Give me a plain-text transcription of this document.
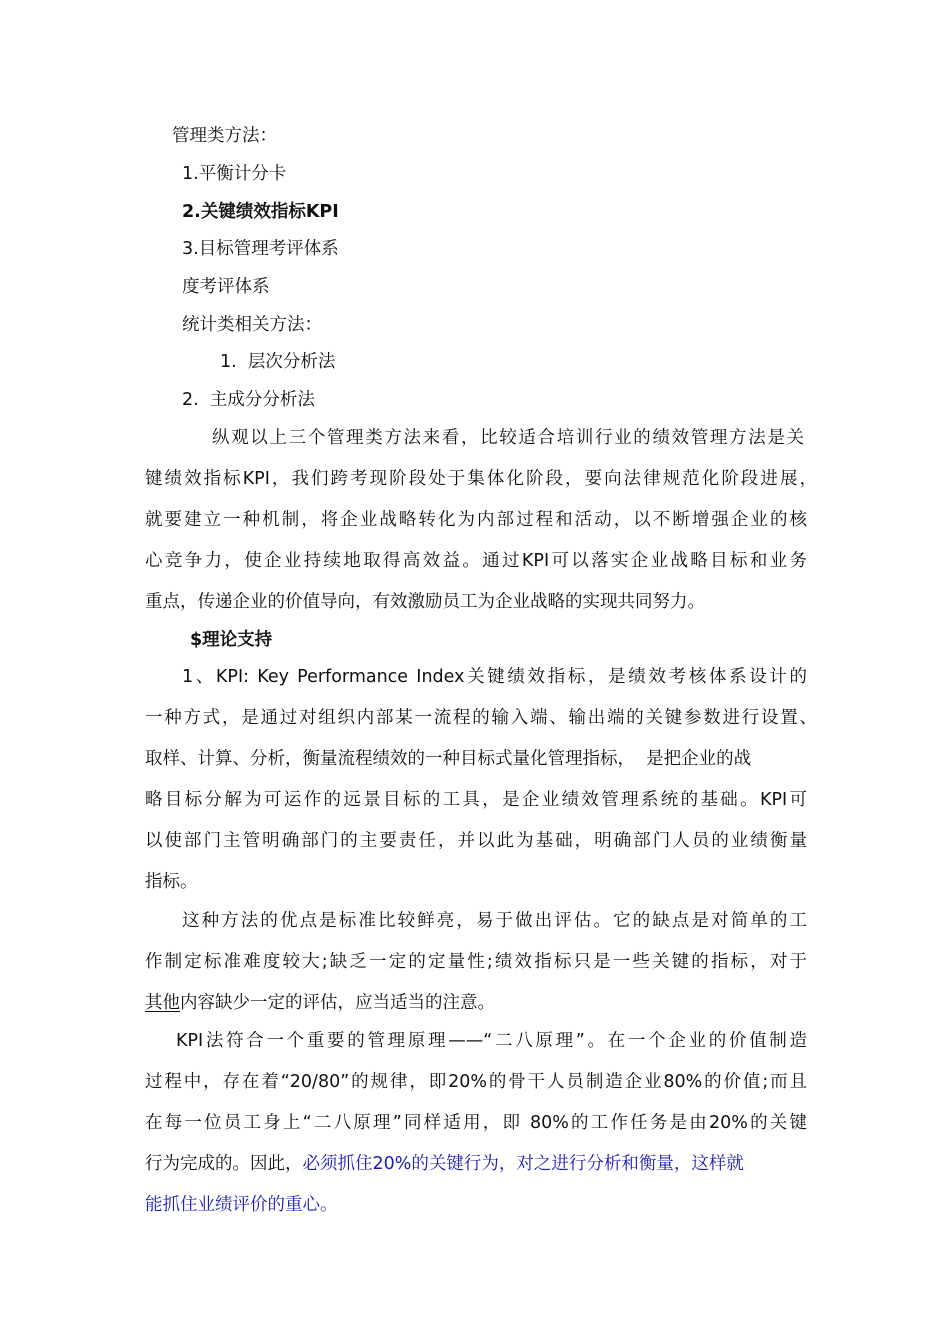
管理类方法：
1.平衡计分卡
2.关键绩效指标KPI
3.目标管理考评体系
度考评体系
统计类相关方法：
1.  层次分析法
2.  主成分分析法
纵观以上三个管理类方法来看，比较适合培训行业的绩效管理方法是关
键绩效指标KPI，我们跨考现阶段处于集体化阶段，要向法律规范化阶段进展，
就要建立一种机制，将企业战略转化为内部过程和活动，以不断增强企业的核
心竞争力，使企业持续地取得高效益。通过KPI可以落实企业战略目标和业务
重点，传递企业的价值导向，有效激励员工为企业战略的实现共同努力。
$理论支持
1、KPI: Key Performance Index关键绩效指标，是绩效考核体系设计的
一种方式，是通过对组织内部某一流程的输入端、输出端的关键参数进行设置、
取样、计算、分析，衡量流程绩效的一种目标式量化管理指标，  是把企业的战
略目标分解为可运作的远景目标的工具，是企业绩效管理系统的基础。KPI可
以使部门主管明确部门的主要责任，并以此为基础，明确部门人员的业绩衡量
指标。
这种方法的优点是标准比较鲜亮，易于做出评估。它的缺点是对简单的工
作制定标准难度较大;缺乏一定的定量性;绩效指标只是一些关键的指标，对于
其他内容缺少一定的评估，应当适当的注意。
KPI法符合一个重要的管理原理——“二八原理”。在一个企业的价值制造
过程中，存在着“20/80”的规律，即20%的骨干人员制造企业80%的价值;而且
在每一位员工身上“二八原理”同样适用，即 80%的工作任务是由20%的关键
行为完成的。因此，必须抓住20%的关键行为，对之进行分析和衡量，这样就
能抓住业绩评价的重心。
